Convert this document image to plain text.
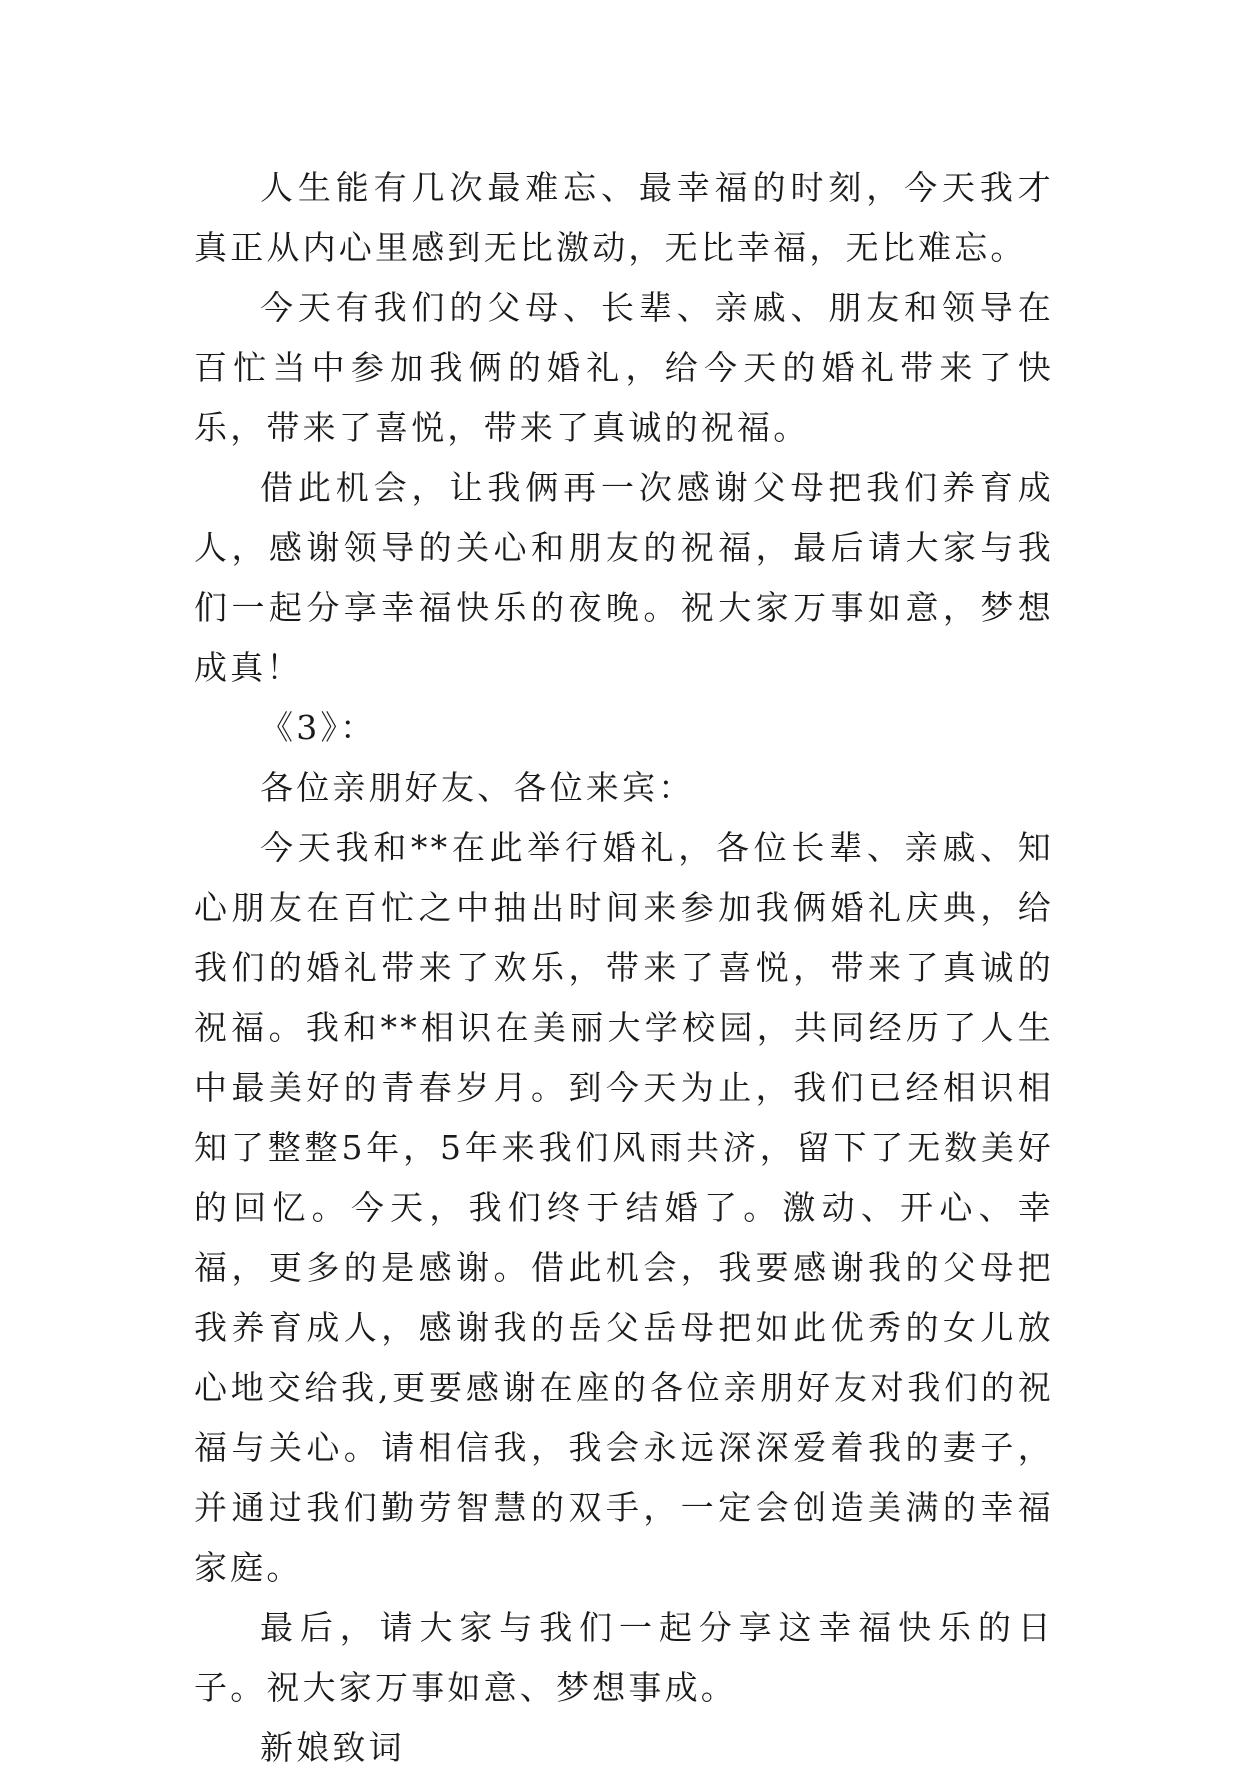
人生能有几次最难忘、最幸福的时刻，今天我才真正从内心里感到无比激动，无比幸福，无比难忘。

今天有我们的父母、长辈、亲戚、朋友和领导在百忙当中参加我俩的婚礼，给今天的婚礼带来了快乐，带来了喜悦，带来了真诚的祝福。

借此机会，让我俩再一次感谢父母把我们养育成人，感谢领导的关心和朋友的祝福，最后请大家与我们一起分享幸福快乐的夜晚。祝大家万事如意，梦想成真！

《3》：

各位亲朋好友、各位来宾：

今天我和**在此举行婚礼，各位长辈、亲戚、知心朋友在百忙之中抽出时间来参加我俩婚礼庆典，给我们的婚礼带来了欢乐，带来了喜悦，带来了真诚的祝福。我和**相识在美丽大学校园，共同经历了人生中最美好的青春岁月。到今天为止，我们已经相识相知了整整5年，5年来我们风雨共济，留下了无数美好的回忆。今天，我们终于结婚了。激动、开心、幸福，更多的是感谢。借此机会，我要感谢我的父母把我养育成人，感谢我的岳父岳母把如此优秀的女儿放心地交给我,更要感谢在座的各位亲朋好友对我们的祝福与关心。请相信我，我会永远深深爱着我的妻子，并通过我们勤劳智慧的双手，一定会创造美满的幸福家庭。

最后，请大家与我们一起分享这幸福快乐的日子。祝大家万事如意、梦想事成。

新娘致词
